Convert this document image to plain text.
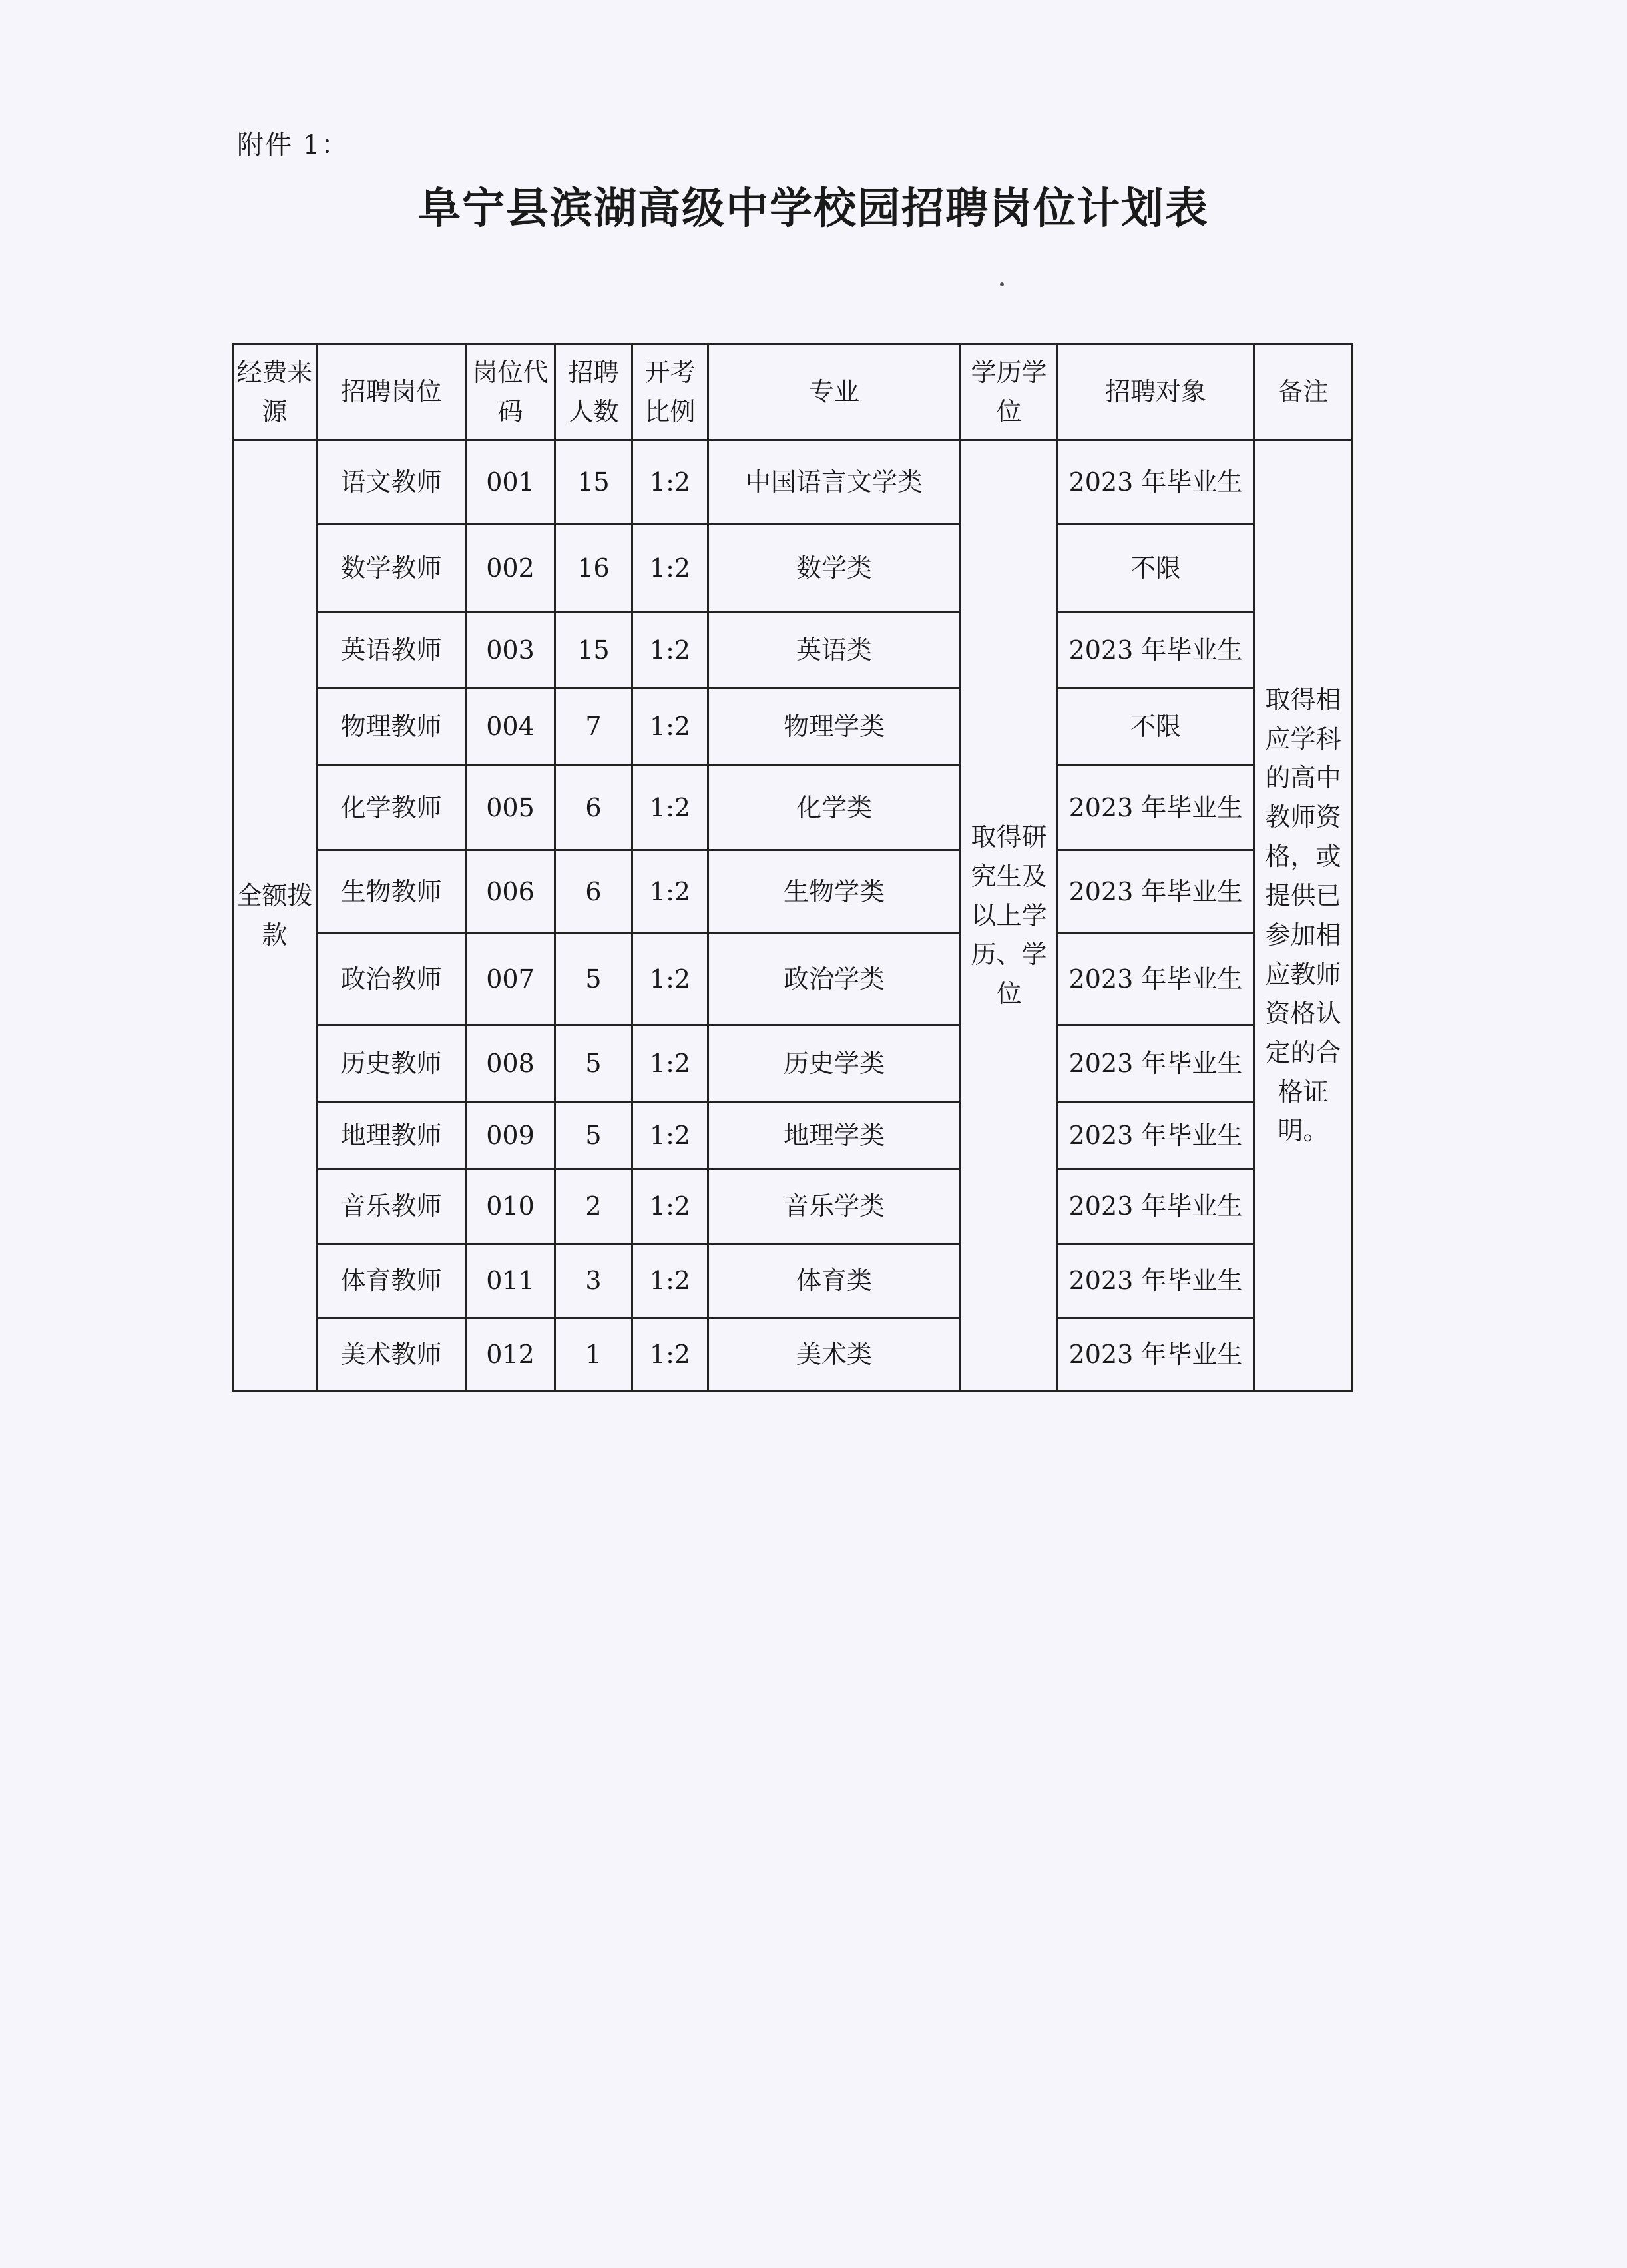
附件 1：
阜宁县滨湖高级中学校园招聘岗位计划表
经费来源	招聘岗位	岗位代码	招聘人数	开考比例	专业	学历学位	招聘对象	备注
全额拨款	语文教师	001	15	1:2	中国语言文学类	取得研究生及以上学历、学位	2023 年毕业生	取得相应学科的高中教师资格，或提供已参加相应教师资格认定的合格证明。
	数学教师	002	16	1:2	数学类		不限	
	英语教师	003	15	1:2	英语类		2023 年毕业生	
	物理教师	004	7	1:2	物理学类		不限	
	化学教师	005	6	1:2	化学类		2023 年毕业生	
	生物教师	006	6	1:2	生物学类		2023 年毕业生	
	政治教师	007	5	1:2	政治学类		2023 年毕业生	
	历史教师	008	5	1:2	历史学类		2023 年毕业生	
	地理教师	009	5	1:2	地理学类		2023 年毕业生	
	音乐教师	010	2	1:2	音乐学类		2023 年毕业生	
	体育教师	011	3	1:2	体育类		2023 年毕业生	
	美术教师	012	1	1:2	美术类		2023 年毕业生	
